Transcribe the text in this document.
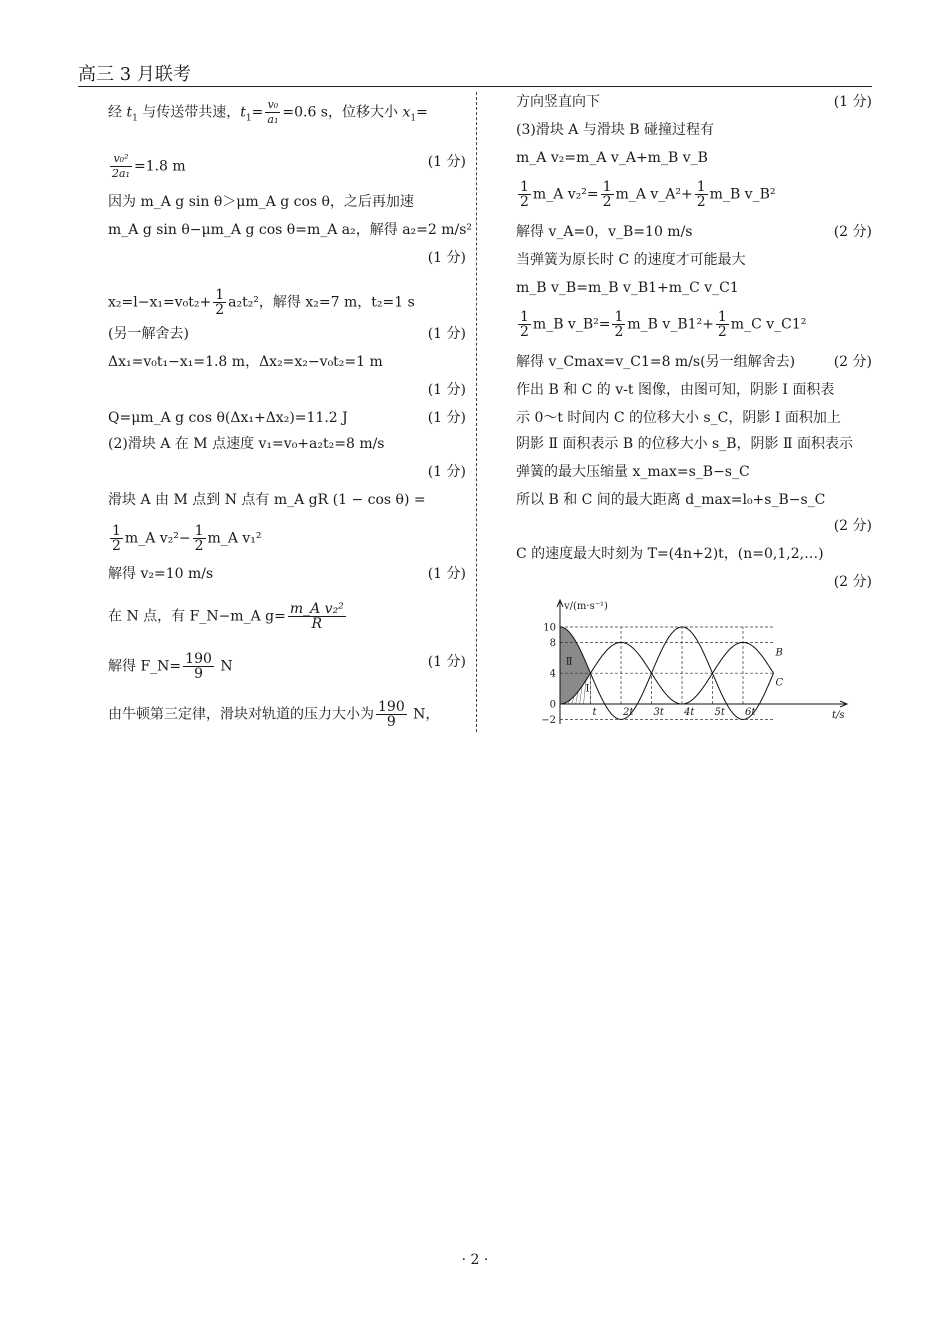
高三 3 月联考
经 $t_1$ 与传送带共速，$t_1= \frac{\text{v₀}}{\text{a₁}} =0.6$ s，位移大小 $x_1=$
$\frac{\text{v₀²}}{\text{2a₁}} =1.8$ m	(1 分)
因为 m_A g sin θ＞μm_A g cos θ，之后再加速
m_A g sin θ−μm_A g cos θ=m_A a₂，解得 a₂=2 m/s²
(1 分)
$x_2=l-x_1=v_0t_2+ \frac{1}{2} a_2t_2^2$，解得 x₂=7 m，t₂=1 s
(另一解舍去)	(1 分)
Δx₁=v₀t₁−x₁=1.8 m，Δx₂=x₂−v₀t₂=1 m
(1 分)
Q=μm_A g cos θ(Δx₁+Δx₂)=11.2 J	(1 分)
(2)滑块 A 在 M 点速度 v₁=v₀+a₂t₂=8 m/s
(1 分)
滑块 A 由 M 点到 N 点有 m_A gR (1 − cos θ) =
$\frac{1}{2}$ m_A $v_2^2- \frac{1}{2}$ m_A v₁²
解得 v₂=10 m/s	(1 分)
在 N 点，有 F_N−m_A $g= \frac{\text{m\_A v₂²}}{R}$
解得 F_N= $\frac{190}{9}$ N	(1 分)
由牛顿第三定律，滑块对轨道的压力大小为 $\frac{190}{9}$ N，
方向竖直向下	(1 分)
(3)滑块 A 与滑块 B 碰撞过程有
m_A v₂=m_A v_A+m_B v_B
$\frac{1}{2}$ m_A $v_2^2= \frac{1}{2}$ m_A v_A²+ $\frac{1}{2}$ m_B v_B²
解得 v_A=0，v_B=10 m/s	(2 分)
当弹簧为原长时 C 的速度才可能最大
m_B v_B=m_B v_B1+m_C v_C1
$\frac{1}{2}$ m_B v_B²= $\frac{1}{2}$ m_B v_B1²+ $\frac{1}{2}$ m_C v_C1²
解得 v_Cmax=v_C1=8 m/s(另一组解舍去)	(2 分)
作出 B 和 C 的 v-t 图像，由图可知，阴影 Ⅰ 面积表
示 0～t 时间内 C 的位移大小 s_C，阴影 Ⅰ 面积加上
阴影 Ⅱ 面积表示 B 的位移大小 s_B，阴影 Ⅱ 面积表示
弹簧的最大压缩量 x_max=s_B−s_C
所以 B 和 C 间的最大距离 d_max=l₀+s_B−s_C
(2 分)
C 的速度最大时刻为 T=(4n+2)t，(n=0,1,2,…)
(2 分)
v/(m·s⁻¹)
t/s
10
8
4
0
−2
t	2t 3t 4t 5t 6t
B
C
Ⅱ
Ⅰ
· 2 ·
